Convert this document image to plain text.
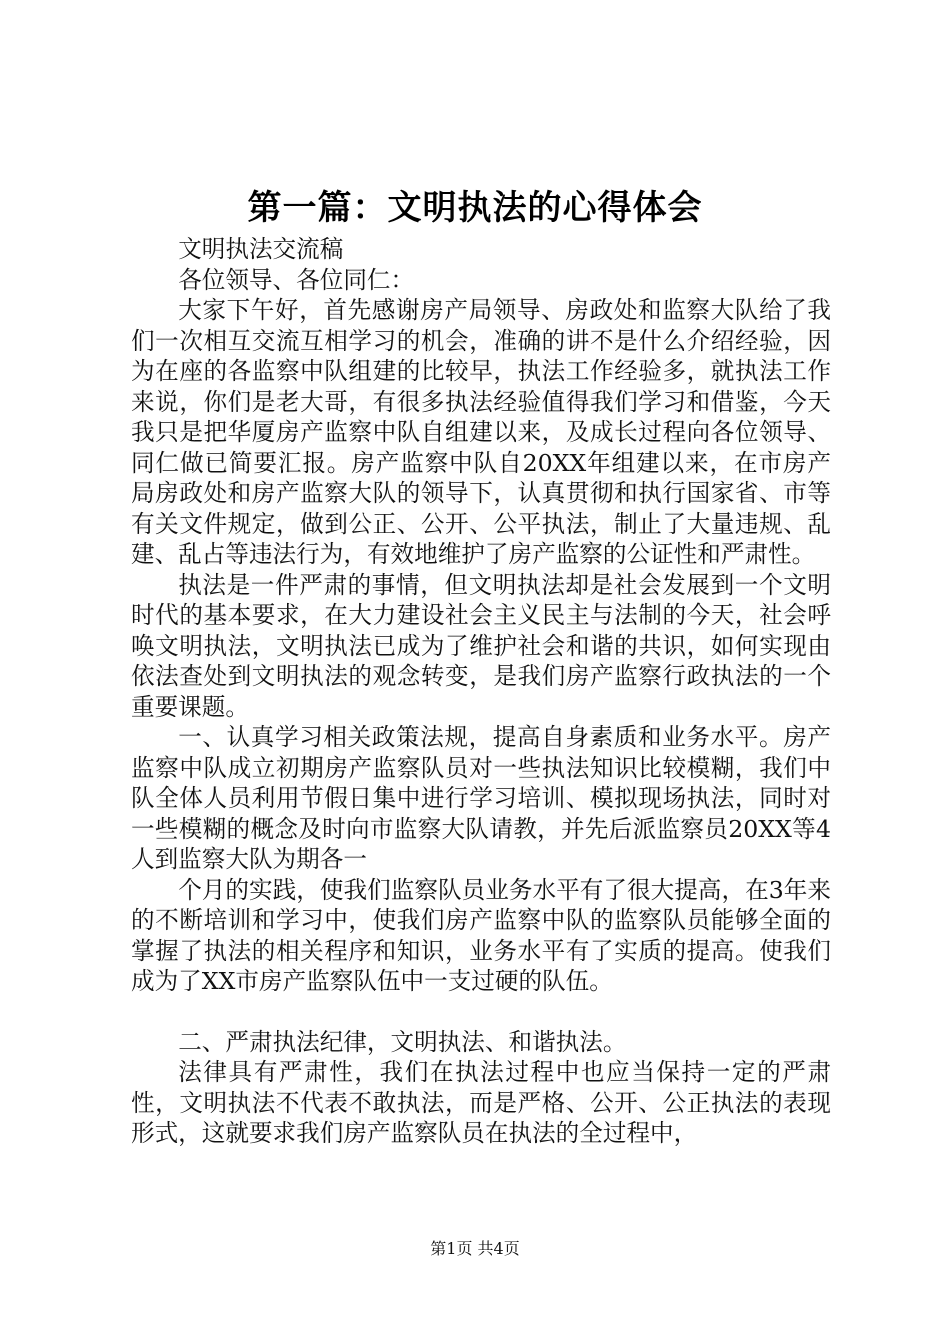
第一篇：文明执法的心得体会

文明执法交流稿

各位领导、各位同仁：

大家下午好，首先感谢房产局领导、房政处和监察大队给了我们一次相互交流互相学习的机会，准确的讲不是什么介绍经验，因为在座的各监察中队组建的比较早，执法工作经验多，就执法工作来说，你们是老大哥，有很多执法经验值得我们学习和借鉴，今天我只是把华厦房产监察中队自组建以来，及成长过程向各位领导、同仁做已简要汇报。房产监察中队自20XX年组建以来，在市房产局房政处和房产监察大队的领导下，认真贯彻和执行国家省、市等有关文件规定，做到公正、公开、公平执法，制止了大量违规、乱建、乱占等违法行为，有效地维护了房产监察的公证性和严肃性。

执法是一件严肃的事情，但文明执法却是社会发展到一个文明时代的基本要求，在大力建设社会主义民主与法制的今天，社会呼唤文明执法，文明执法已成为了维护社会和谐的共识，如何实现由依法查处到文明执法的观念转变，是我们房产监察行政执法的一个重要课题。

一、认真学习相关政策法规，提高自身素质和业务水平。房产监察中队成立初期房产监察队员对一些执法知识比较模糊，我们中队全体人员利用节假日集中进行学习培训、模拟现场执法，同时对一些模糊的概念及时向市监察大队请教，并先后派监察员20XX等4人到监察大队为期各一

个月的实践，使我们监察队员业务水平有了很大提高，在3年来的不断培训和学习中，使我们房产监察中队的监察队员能够全面的掌握了执法的相关程序和知识，业务水平有了实质的提高。使我们成为了XX市房产监察队伍中一支过硬的队伍。

二、严肃执法纪律，文明执法、和谐执法。

法律具有严肃性，我们在执法过程中也应当保持一定的严肃性，文明执法不代表不敢执法，而是严格、公开、公正执法的表现形式，这就要求我们房产监察队员在执法的全过程中，

第1页 共4页
